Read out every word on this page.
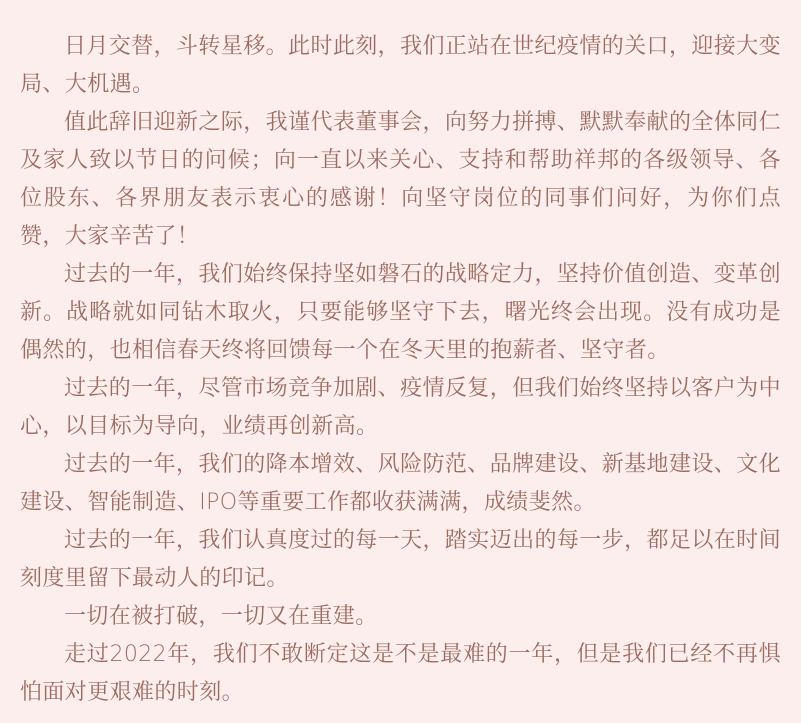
日月交替，斗转星移。此时此刻，我们正站在世纪疫情的关口，迎接大变局、大机遇。

值此辞旧迎新之际，我谨代表董事会，向努力拼搏、默默奉献的全体同仁及家人致以节日的问候；向一直以来关心、支持和帮助祥邦的各级领导、各位股东、各界朋友表示衷心的感谢！向坚守岗位的同事们问好，为你们点赞，大家辛苦了！

过去的一年，我们始终保持坚如磐石的战略定力，坚持价值创造、变革创新。战略就如同钻木取火，只要能够坚守下去，曙光终会出现。没有成功是偶然的，也相信春天终将回馈每一个在冬天里的抱薪者、坚守者。

过去的一年，尽管市场竞争加剧、疫情反复，但我们始终坚持以客户为中心，以目标为导向，业绩再创新高。

过去的一年，我们的降本增效、风险防范、品牌建设、新基地建设、文化建设、智能制造、IPO等重要工作都收获满满，成绩斐然。

过去的一年，我们认真度过的每一天，踏实迈出的每一步，都足以在时间刻度里留下最动人的印记。

一切在被打破，一切又在重建。

走过2022年，我们不敢断定这是不是最难的一年，但是我们已经不再惧怕面对更艰难的时刻。
